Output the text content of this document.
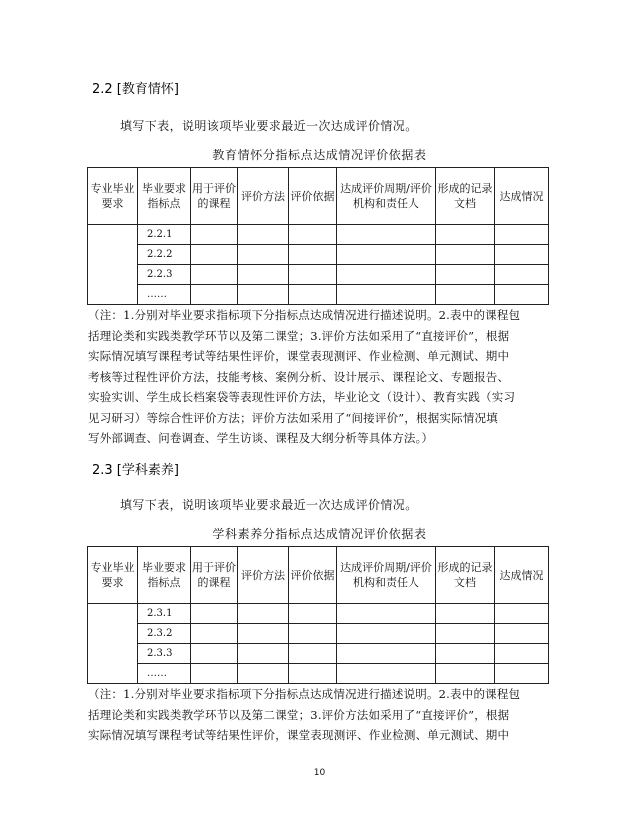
2.2 [教育情怀]
填写下表，说明该项毕业要求最近一次达成评价情况。
教育情怀分指标点达成情况评价依据表
专业毕业要求	毕业要求指标点	用于评价的课程	评价方法	评价依据	达成评价周期/评价机构和责任人	形成的记录文档	达成情况
	2.2.1						
	2.2.2						
	2.2.3						
	……						

（注：1.分别对毕业要求指标项下分指标点达成情况进行描述说明。2.表中的课程包

括理论类和实践类教学环节以及第二课堂；3.评价方法如采用了“直接评价”，根据

实际情况填写课程考试等结果性评价，课堂表现测评、作业检测、单元测试、期中

考核等过程性评价方法，技能考核、案例分析、设计展示、课程论文、专题报告、

实验实训、学生成长档案袋等表现性评价方法，毕业论文（设计）、教育实践（实习

见习研习）等综合性评价方法；评价方法如采用了“间接评价”，根据实际情况填

写外部调查、问卷调查、学生访谈、课程及大纲分析等具体方法。）

2.3 [学科素养]
填写下表，说明该项毕业要求最近一次达成评价情况。
学科素养分指标点达成情况评价依据表
专业毕业要求	毕业要求指标点	用于评价的课程	评价方法	评价依据	达成评价周期/评价机构和责任人	形成的记录文档	达成情况
	2.3.1						
	2.3.2						
	2.3.3						
	……						

（注：1.分别对毕业要求指标项下分指标点达成情况进行描述说明。2.表中的课程包

括理论类和实践类教学环节以及第二课堂；3.评价方法如采用了“直接评价”，根据

实际情况填写课程考试等结果性评价，课堂表现测评、作业检测、单元测试、期中

10
